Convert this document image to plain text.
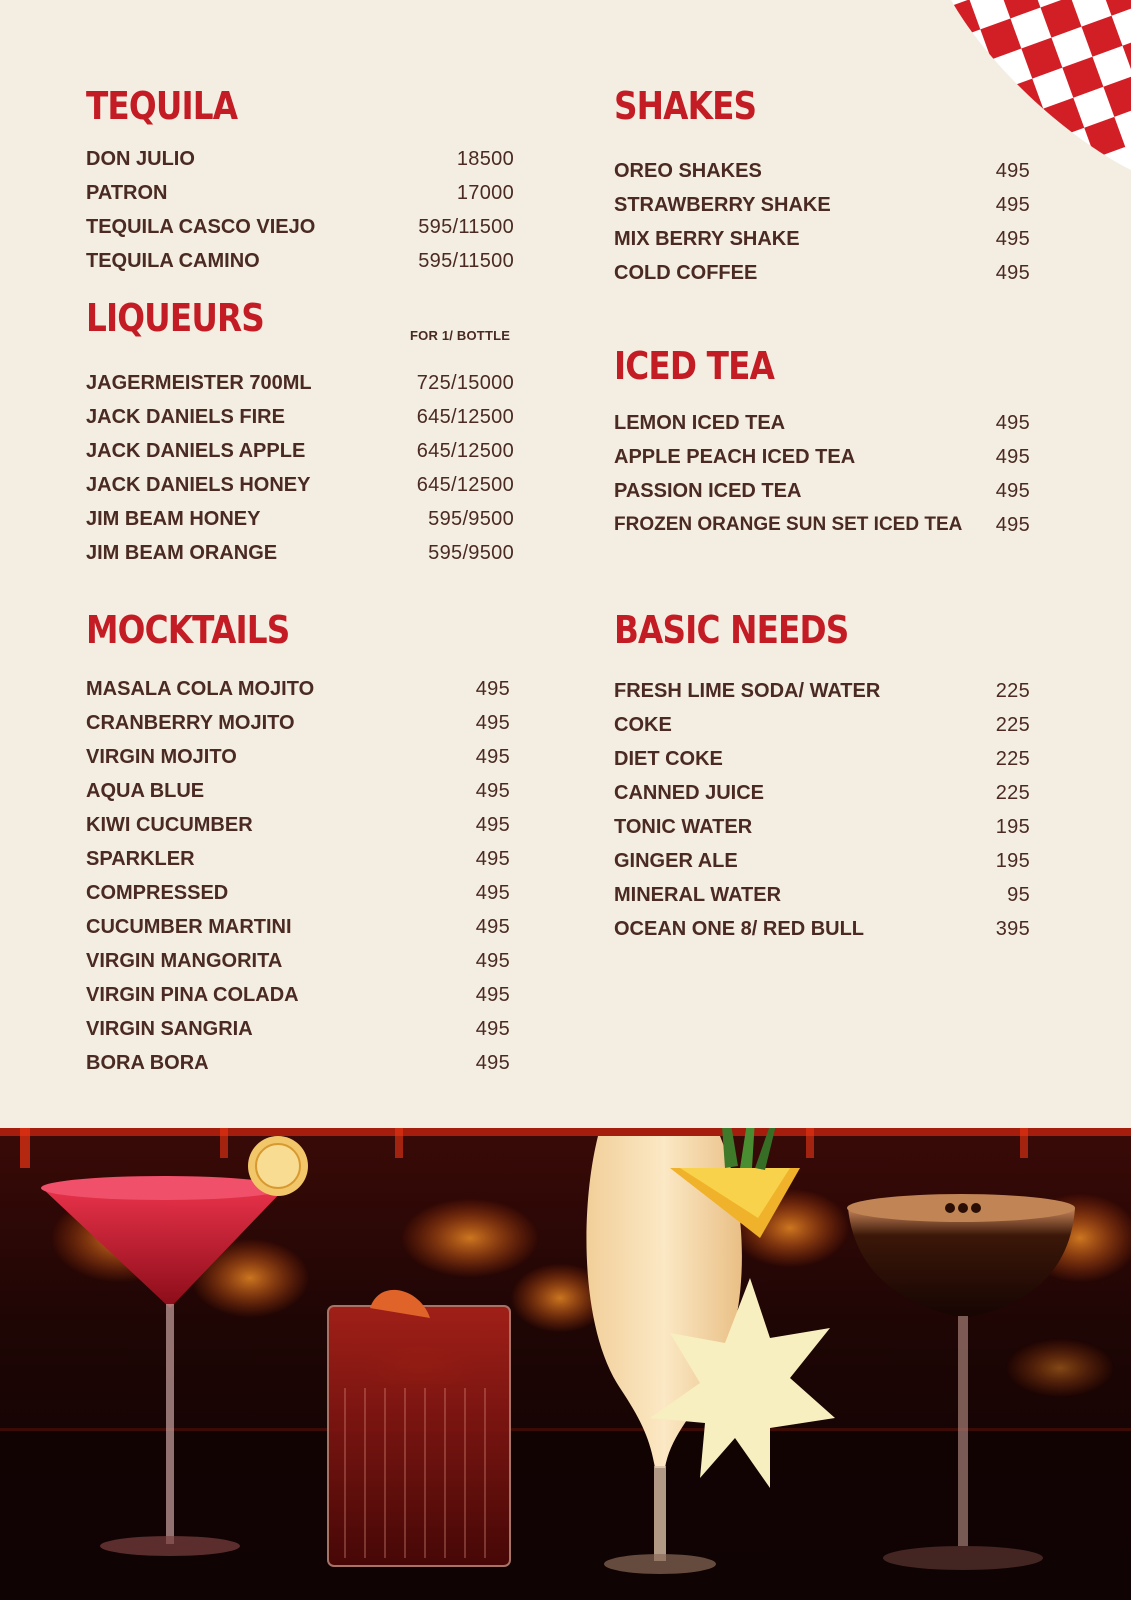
TEQUILA
DON JULIO	18500
PATRON	17000
TEQUILA CASCO VIEJO	595/11500
TEQUILA CAMINO	595/11500
LIQUEURS	FOR 1/ BOTTLE
JAGERMEISTER 700ML	725/15000
JACK DANIELS FIRE	645/12500
JACK DANIELS APPLE	645/12500
JACK DANIELS HONEY	645/12500
JIM BEAM HONEY	595/9500
JIM BEAM ORANGE	595/9500
MOCKTAILS
MASALA COLA MOJITO	495
CRANBERRY MOJITO	495
VIRGIN MOJITO	495
AQUA BLUE	495
KIWI CUCUMBER	495
SPARKLER	495
COMPRESSED	495
CUCUMBER MARTINI	495
VIRGIN MANGORITA	495
VIRGIN PINA COLADA	495
VIRGIN SANGRIA	495
BORA BORA	495
SHAKES
OREO SHAKES	495
STRAWBERRY SHAKE	495
MIX BERRY SHAKE	495
COLD COFFEE	495
ICED TEA
LEMON ICED TEA	495
APPLE PEACH ICED TEA	495
PASSION ICED TEA	495
FROZEN ORANGE SUN SET ICED TEA 495
BASIC NEEDS
FRESH LIME SODA/ WATER	225
COKE	225
DIET COKE	225
CANNED JUICE	225
TONIC WATER	195
GINGER ALE	195
MINERAL WATER	95
OCEAN ONE 8/ RED BULL	395
